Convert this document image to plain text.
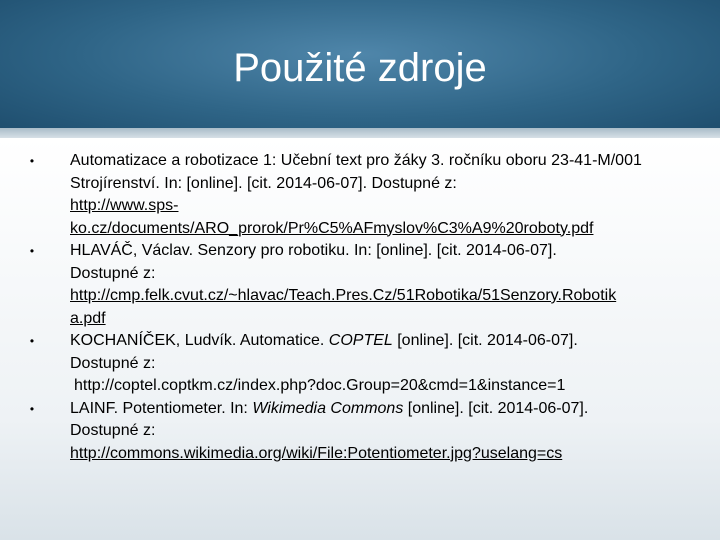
Použité zdroje
• Automatizace a robotizace 1: Učební text pro žáky 3. ročníku oboru 23-41-M/001 Strojírenství. In: [online]. [cit. 2014-06-07]. Dostupné z:
http://www.sps-
ko.cz/documents/ARO_prorok/Pr%C5%AFmyslov%C3%A9%20roboty.pdf
• HLAVÁČ, Václav. Senzory pro robotiku. In: [online]. [cit. 2014-06-07].
Dostupné z:
http://cmp.felk.cvut.cz/~hlavac/Teach.Pres.Cz/51Robotika/51Senzory.Robotik
a.pdf
• KOCHANÍČEK, Ludvík. Automatice. COPTEL [online]. [cit. 2014-06-07].
Dostupné z:
http://coptel.coptkm.cz/index.php?doc.Group=20&cmd=1&instance=1
• LAINF. Potentiometer. In: Wikimedia Commons [online]. [cit. 2014-06-07].
Dostupné z:
http://commons.wikimedia.org/wiki/File:Potentiometer.jpg?uselang=cs
